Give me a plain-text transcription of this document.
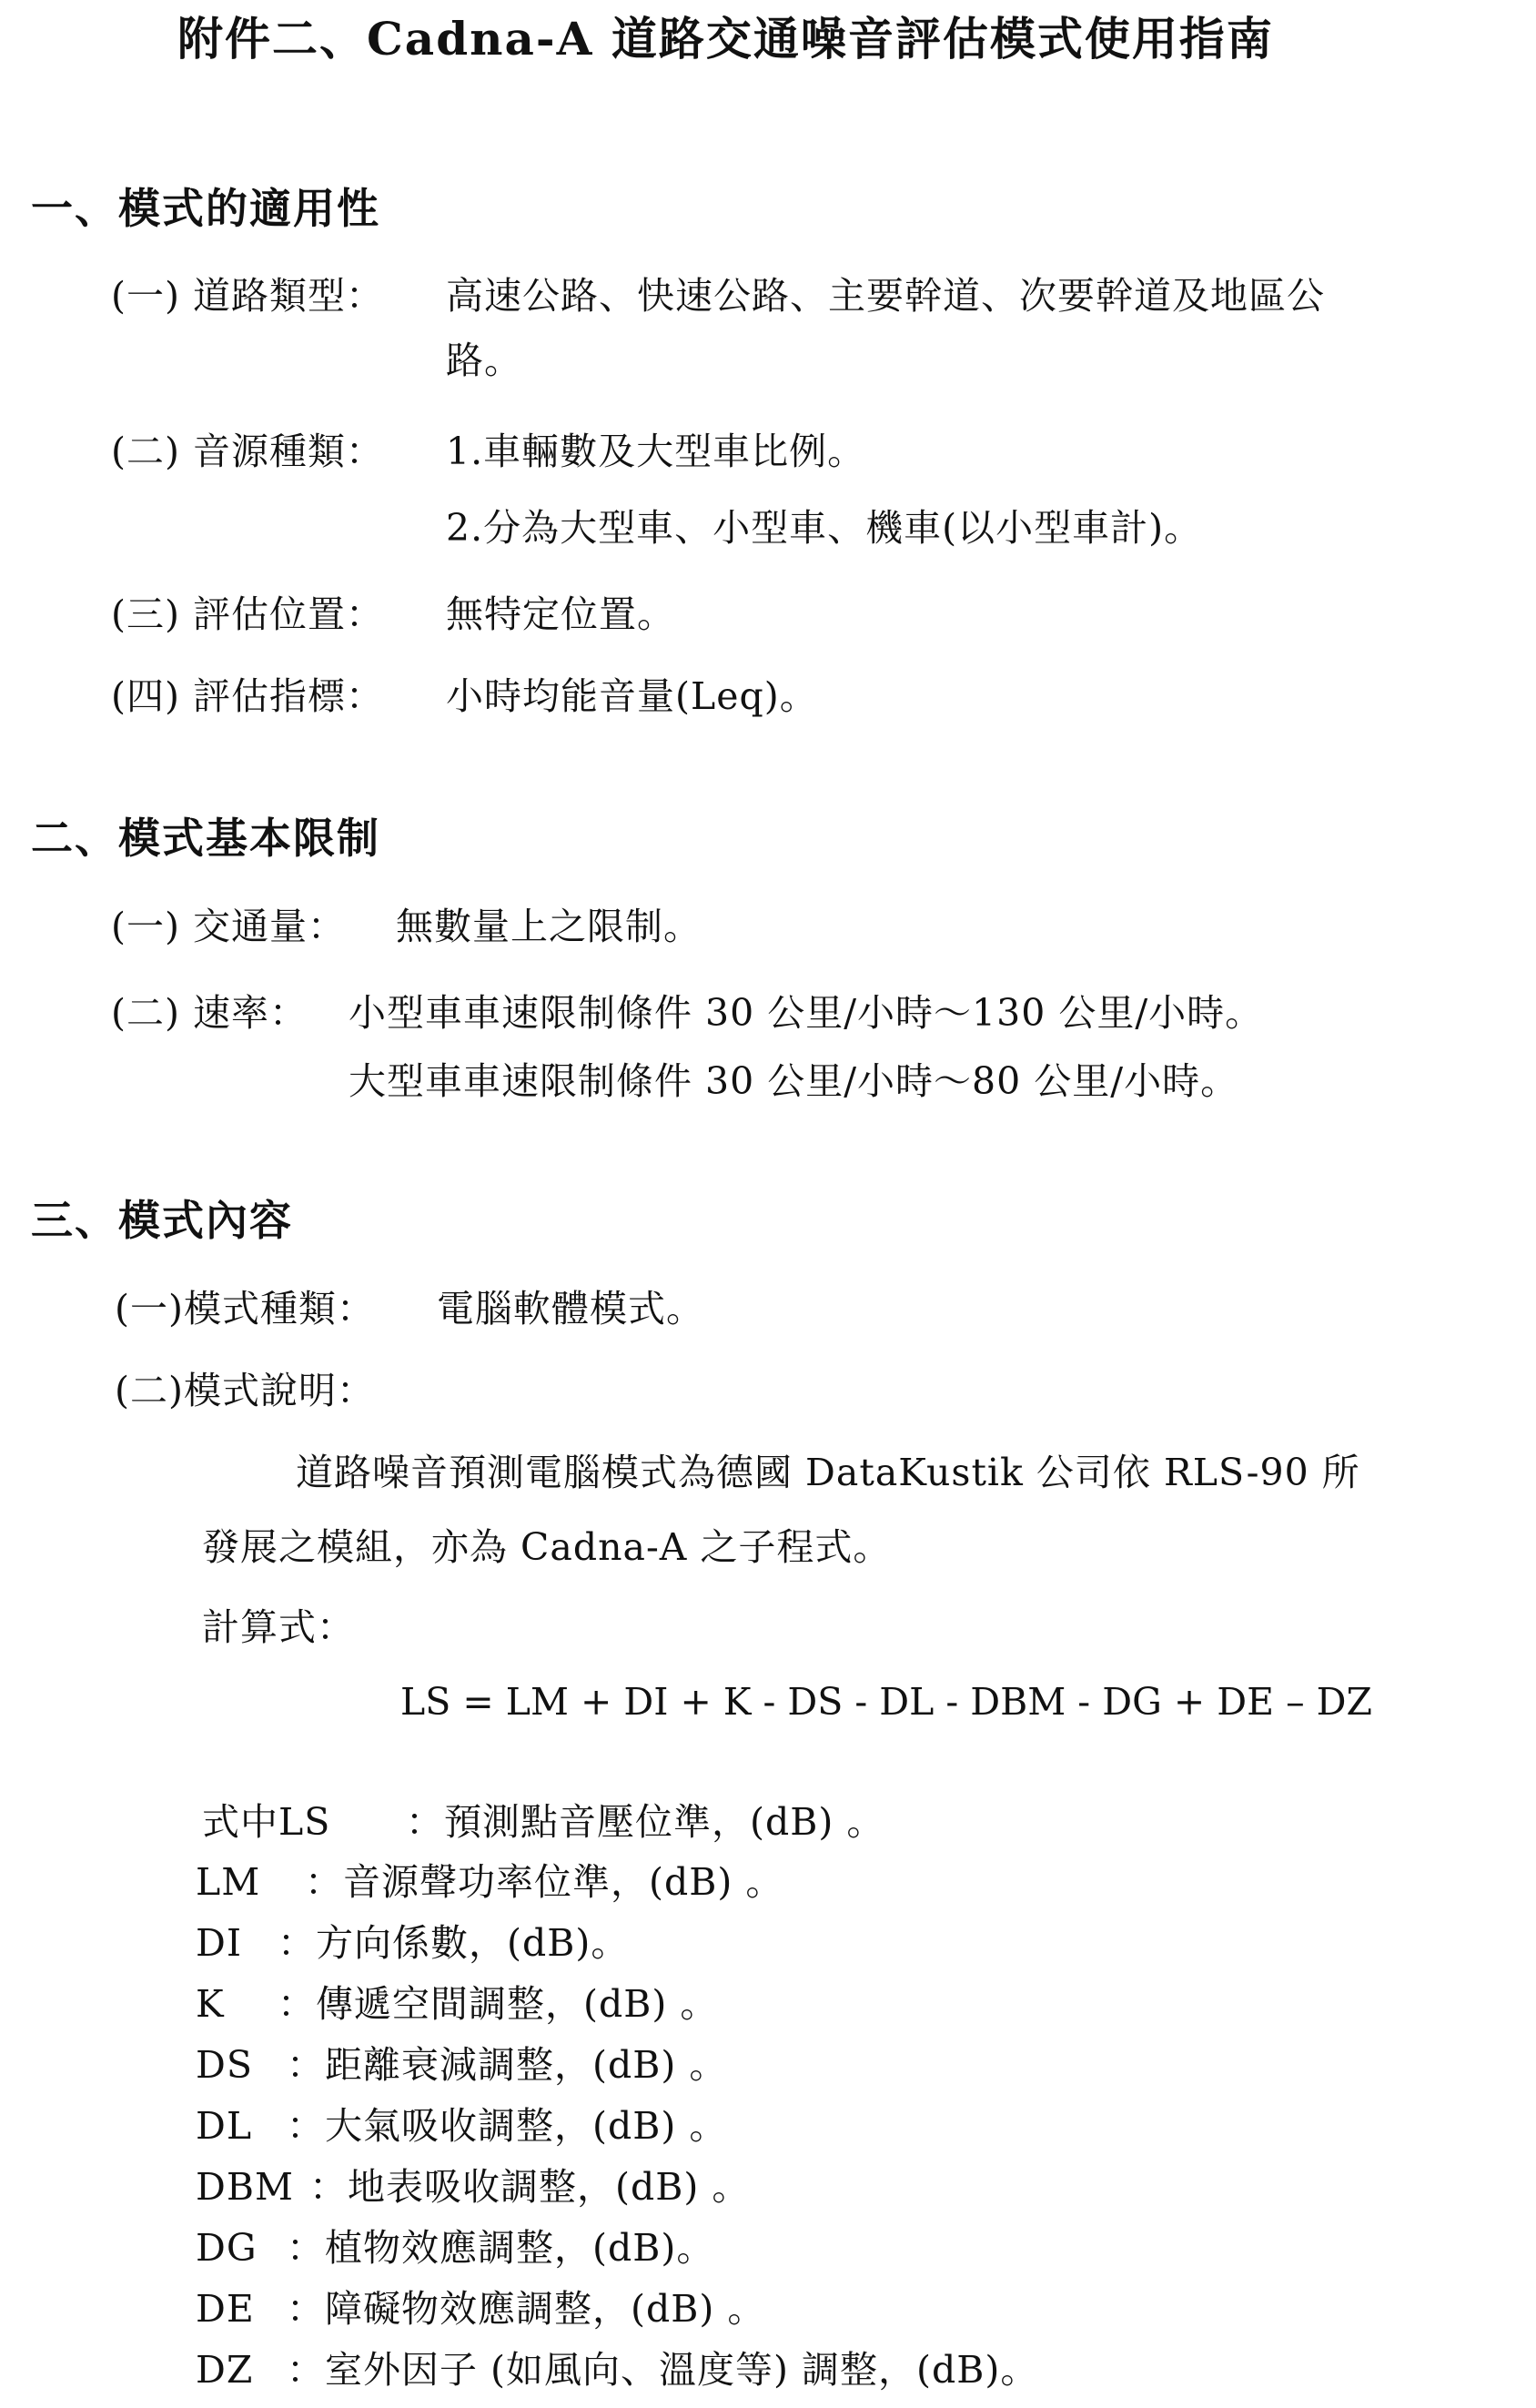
附件二、Cadna-A 道路交通噪音評估模式使用指南
一、模式的適用性
(一) 道路類型： 高速公路、快速公路、主要幹道、次要幹道及地區公
路。
(二) 音源種類： 1.車輛數及大型車比例。
2.分為大型車、小型車、機車(以小型車計)。
(三) 評估位置： 無特定位置。
(四) 評估指標： 小時均能音量(Leq)。
二、模式基本限制
(一) 交通量： 無數量上之限制。
(二) 速率： 小型車車速限制條件 30 公里/小時～130 公里/小時。
大型車車速限制條件 30 公里/小時～80 公里/小時。
三、模式內容
(一)模式種類： 電腦軟體模式。
(二)模式說明：
道路噪音預測電腦模式為德國 DataKustik 公司依 RLS-90 所
發展之模組，亦為 Cadna-A 之子程式。
計算式：
LS = LM + DI + K - DS - DL - DBM - DG + DE – DZ
式中LS ：預測點音壓位準，(dB) 。
LM ：音源聲功率位準，(dB) 。
DI ：方向係數，(dB)。
K ：傳遞空間調整，(dB) 。
DS ：距離衰減調整，(dB) 。
DL ：大氣吸收調整，(dB) 。
DBM ：地表吸收調整，(dB) 。
DG ：植物效應調整，(dB)。
DE ：障礙物效應調整，(dB) 。
DZ ：室外因子 (如風向、溫度等) 調整，(dB)。
